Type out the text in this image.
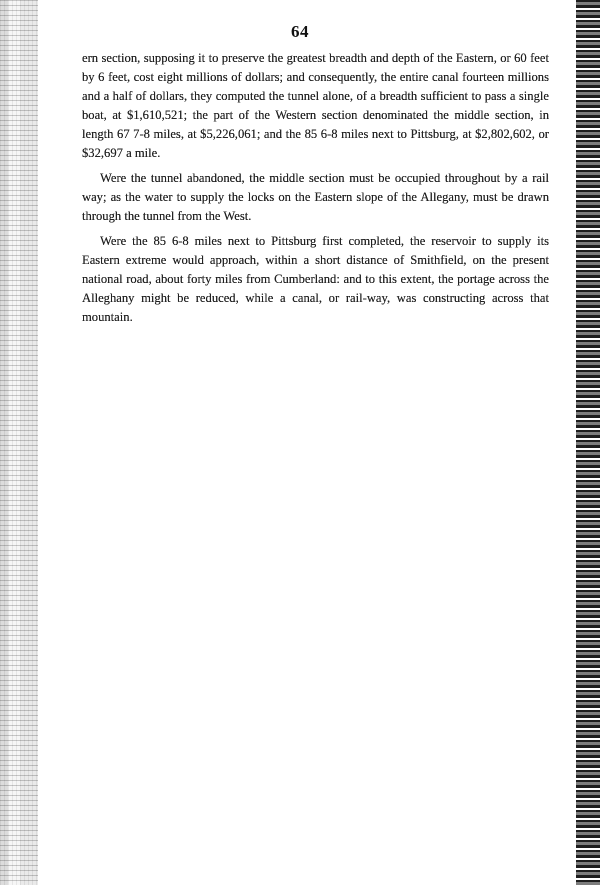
64

ern section, supposing it to preserve the greatest breadth and depth of the Eastern, or 60 feet by 6 feet, cost eight millions of dollars; and consequently, the entire canal fourteen millions and a half of dollars, they computed the tunnel alone, of a breadth sufficient to pass a single boat, at $1,610,521; the part of the Western section denominated the middle section, in length 67 7-8 miles, at $5,226,061; and the 85 6-8 miles next to Pittsburg, at $2,802,602, or $32,697 a mile.

Were the tunnel abandoned, the middle section must be occupied throughout by a rail way; as the water to supply the locks on the Eastern slope of the Allegany, must be drawn through the tunnel from the West.

Were the 85 6-8 miles next to Pittsburg first completed, the reservoir to supply its Eastern extreme would approach, within a short distance of Smithfield, on the present national road, about forty miles from Cumberland: and to this extent, the portage across the Alleghany might be reduced, while a canal, or rail-way, was constructing across that mountain.
